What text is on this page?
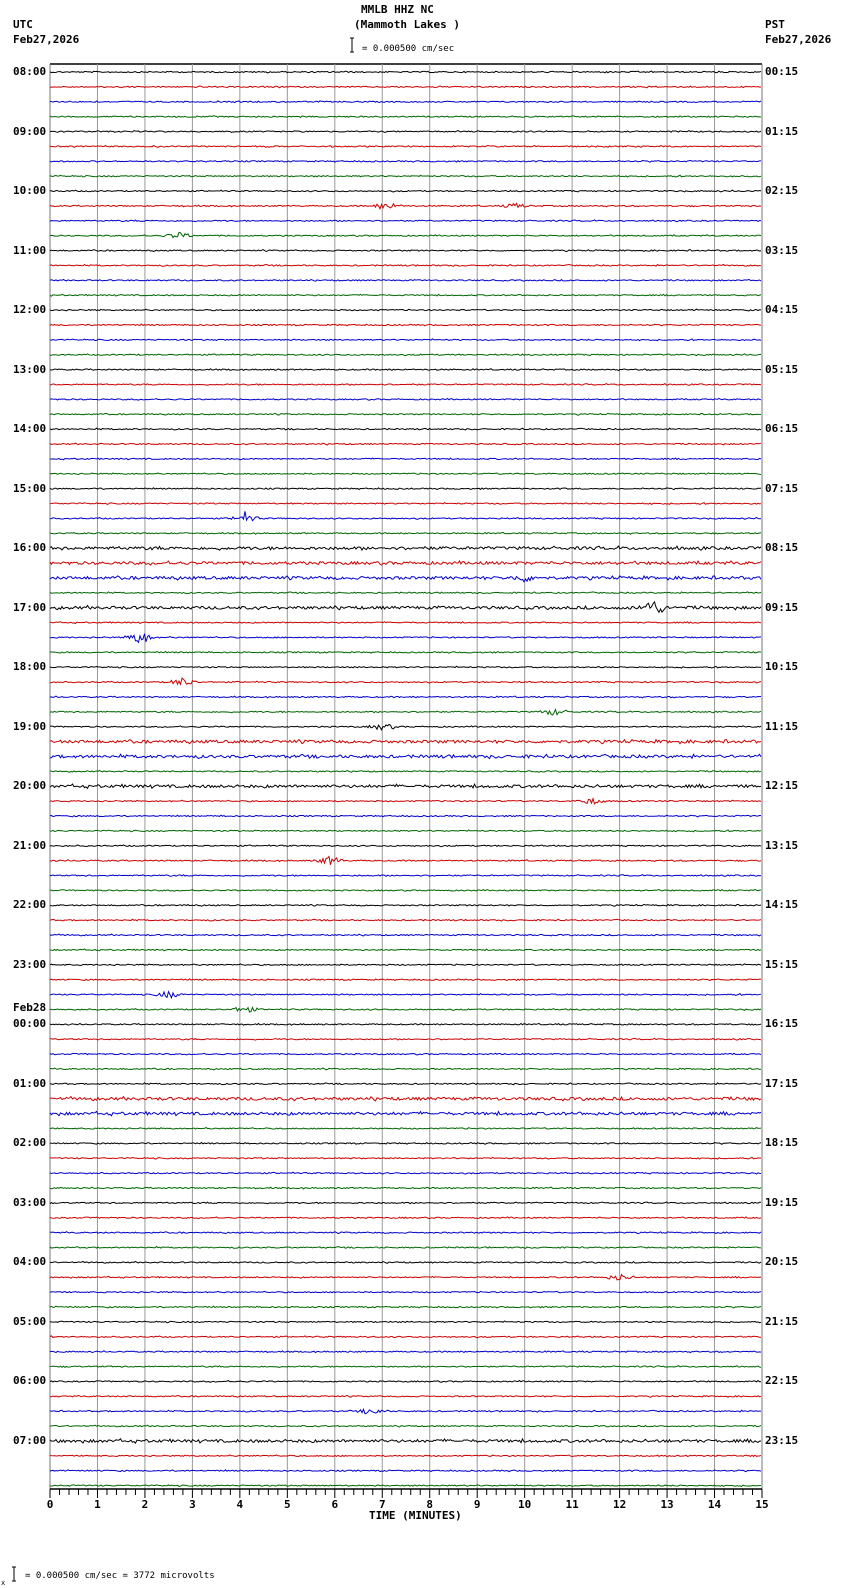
0	1	2	3	4	5	6	7	8	9	10	11	12	13	14	15
MMLB HHZ NC
(Mammoth Lakes )
UTC
Feb27,2026
PST
Feb27,2026
= 0.000500 cm/sec
Feb28
TIME (MINUTES)
x
= 0.000500 cm/sec = 3772 microvolts
08:00	00:15
09:00	01:15
10:00	02:15
11:00	03:15
12:00	04:15
13:00	05:15
14:00	06:15
15:00	07:15
16:00	08:15
17:00	09:15
18:00	10:15
19:00	11:15
20:00	12:15
21:00	13:15
22:00	14:15
23:00	15:15
00:00	16:15
01:00	17:15
02:00	18:15
03:00	19:15
04:00	20:15
05:00	21:15
06:00	22:15
07:00	23:15
